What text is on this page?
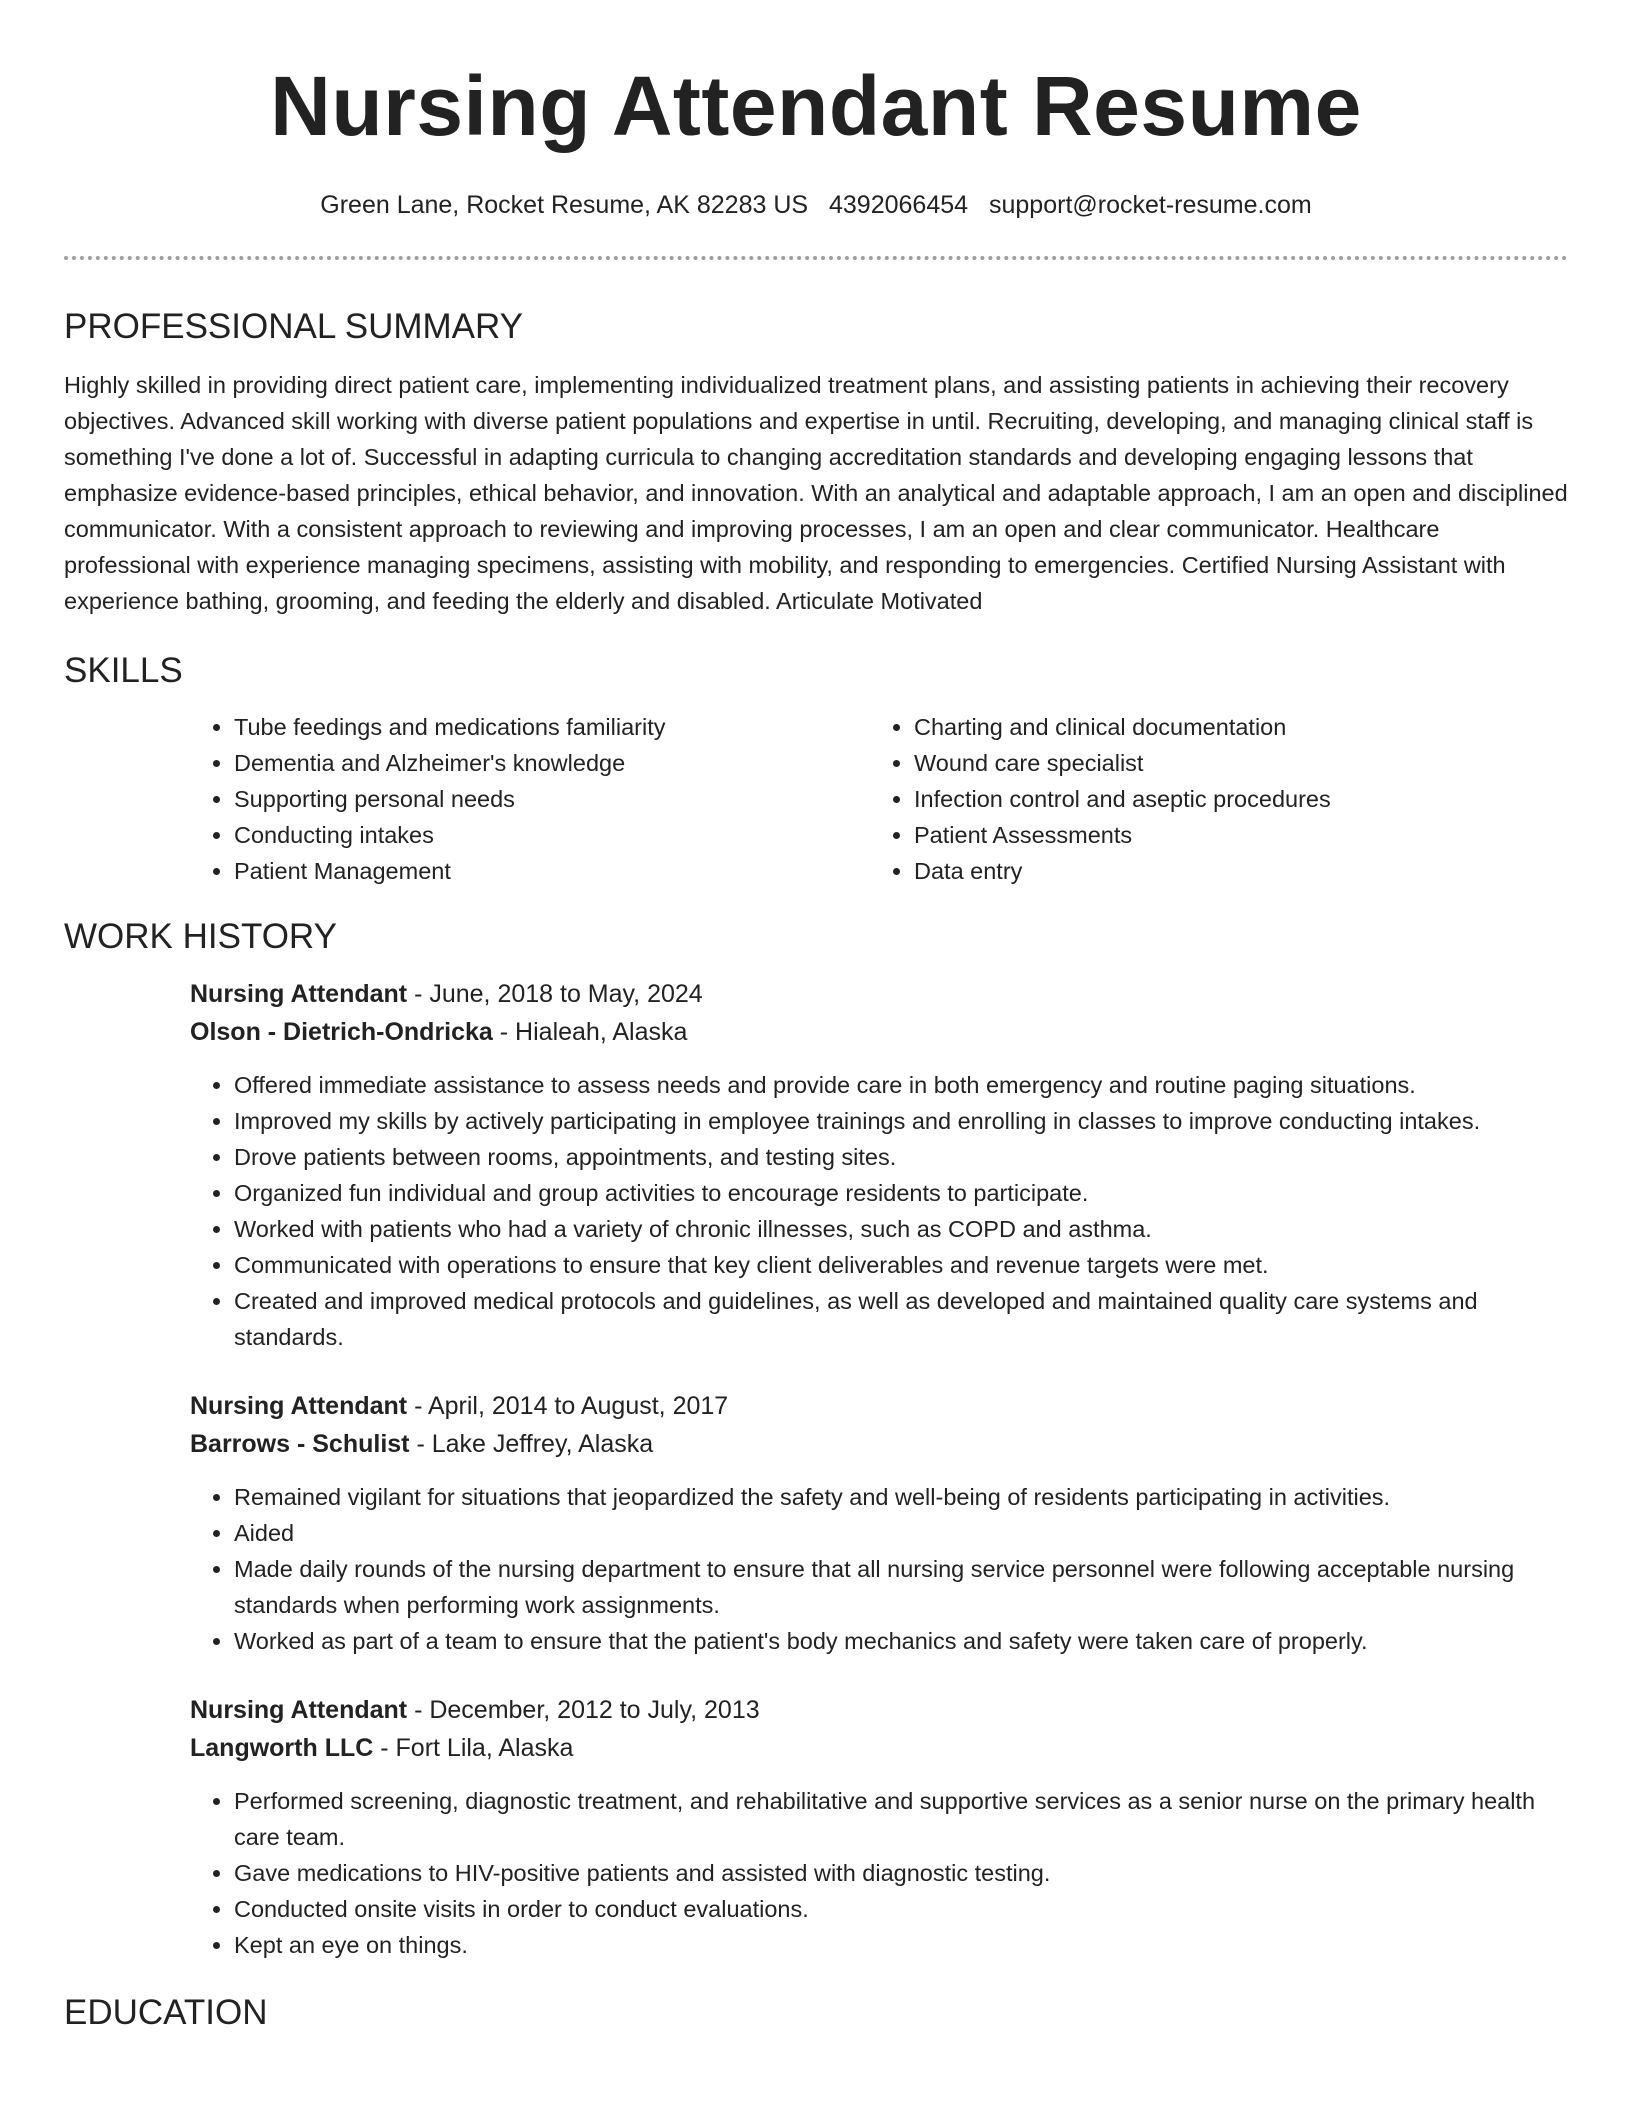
Nursing Attendant Resume
Green Lane, Rocket Resume, AK 82283 US 4392066454 support@rocket-resume.com
PROFESSIONAL SUMMARY

Highly skilled in providing direct patient care, implementing individualized treatment plans, and assisting patients in achieving their recovery objectives. Advanced skill working with diverse patient populations and expertise in until. Recruiting, developing, and managing clinical staff is something I've done a lot of. Successful in adapting curricula to changing accreditation standards and developing engaging lessons that emphasize evidence-based principles, ethical behavior, and innovation. With an analytical and adaptable approach, I am an open and disciplined communicator. With a consistent approach to reviewing and improving processes, I am an open and clear communicator. Healthcare professional with experience managing specimens, assisting with mobility, and responding to emergencies. Certified Nursing Assistant with experience bathing, grooming, and feeding the elderly and disabled. Articulate Motivated

SKILLS
• Tube feedings and medications familiarity
• Dementia and Alzheimer's knowledge
• Supporting personal needs
• Conducting intakes
• Patient Management
• Charting and clinical documentation
• Wound care specialist
• Infection control and aseptic procedures
• Patient Assessments
• Data entry
WORK HISTORY
Nursing Attendant - June, 2018 to May, 2024
Olson - Dietrich-Ondricka - Hialeah, Alaska
• Offered immediate assistance to assess needs and provide care in both emergency and routine paging situations.
• Improved my skills by actively participating in employee trainings and enrolling in classes to improve conducting intakes.
• Drove patients between rooms, appointments, and testing sites.
• Organized fun individual and group activities to encourage residents to participate.
• Worked with patients who had a variety of chronic illnesses, such as COPD and asthma.
• Communicated with operations to ensure that key client deliverables and revenue targets were met.
• Created and improved medical protocols and guidelines, as well as developed and maintained quality care systems and standards.
Nursing Attendant - April, 2014 to August, 2017
Barrows - Schulist - Lake Jeffrey, Alaska
• Remained vigilant for situations that jeopardized the safety and well-being of residents participating in activities.
• Aided
• Made daily rounds of the nursing department to ensure that all nursing service personnel were following acceptable nursing standards when performing work assignments.
• Worked as part of a team to ensure that the patient's body mechanics and safety were taken care of properly.
Nursing Attendant - December, 2012 to July, 2013
Langworth LLC - Fort Lila, Alaska
• Performed screening, diagnostic treatment, and rehabilitative and supportive services as a senior nurse on the primary health care team.
• Gave medications to HIV-positive patients and assisted with diagnostic testing.
• Conducted onsite visits in order to conduct evaluations.
• Kept an eye on things.
EDUCATION
